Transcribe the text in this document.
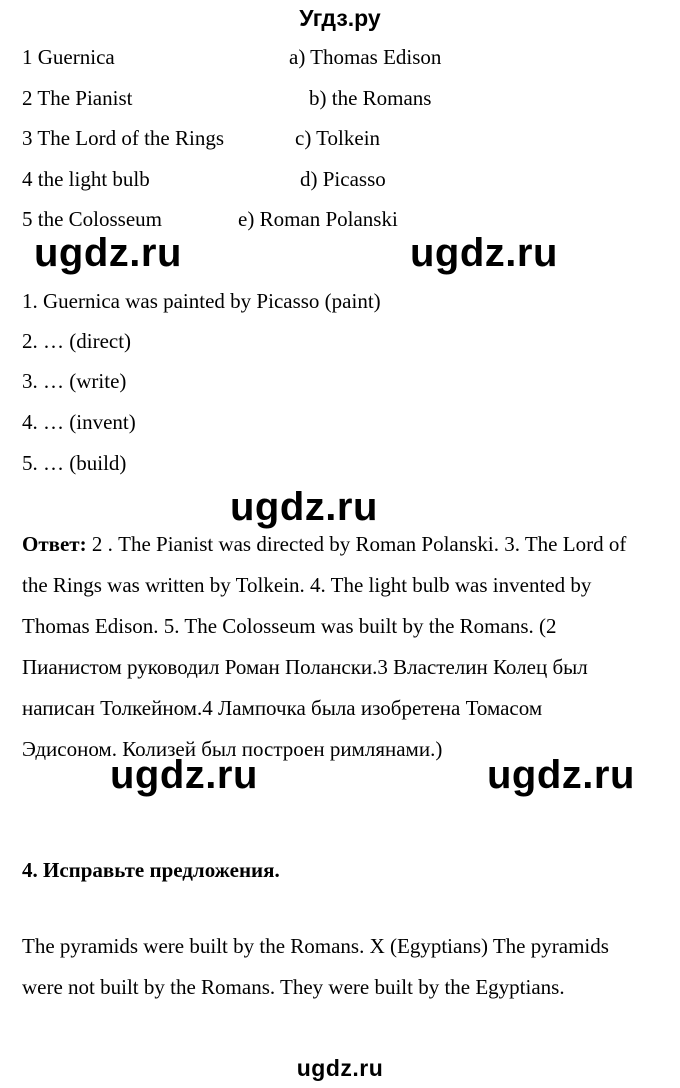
Угдз.ру
1 Guernica	a) Thomas Edison
2 The Pianist	b) the Romans
3 The Lord of the Rings	c) Tolkein
4 the light bulb	d) Picasso
5 the Colosseum	e) Roman Polanski
ugdz.ru	ugdz.ru
1. Guernica was painted by Picasso (paint)
2. … (direct)
3. … (write)
4. … (invent)
5. … (build)
ugdz.ru
Ответ: 2 . The Pianist was directed by Roman Polanski. 3. The Lord of the Rings was written by Tolkein. 4. The light bulb was invented by Thomas Edison. 5. The Colosseum was built by the Romans. (2 Пианистом руководил Роман Полански.3 Властелин Колец был написан Толкейном.4 Лампочка была изобретена Томасом Эдисоном. Колизей был построен римлянами.)
ugdz.ru	ugdz.ru
4. Исправьте предложения.
The pyramids were built by the Romans. X (Egyptians) The pyramids were not built by the Romans. They were built by the Egyptians.
ugdz.ru
